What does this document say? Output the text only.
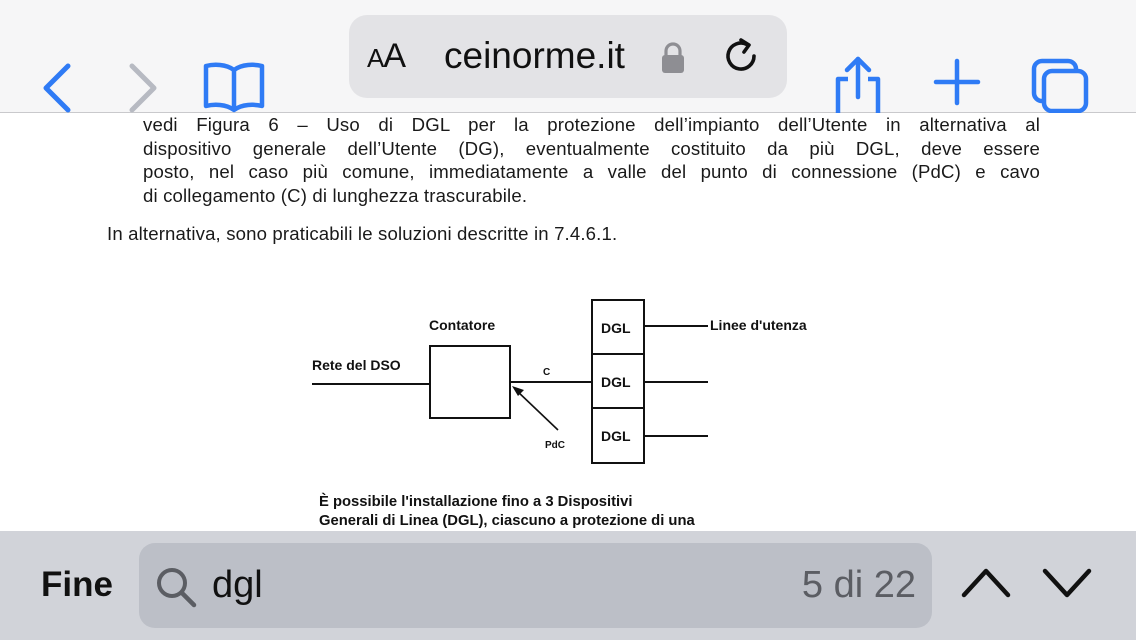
AA ceinorme.it
vedi Figura 6 – Uso di DGL per la protezione dell’impianto dell’Utente in alternativa al
dispositivo generale dell’Utente (DG), eventualmente costituito da più DGL, deve essere
posto, nel caso più comune, immediatamente a valle del punto di connessione (PdC) e cavo
di collegamento (C) di lunghezza trascurabile.
In alternativa, sono praticabili le soluzioni descritte in 7.4.6.1.
Rete del DSO
Contatore
C
PdC
DGL
DGL
DGL
Linee d'utenza
È possibile l'installazione fino a 3 Dispositivi
Generali di Linea (DGL), ciascuno a protezione di una
Fine
dgl	5 di 22
